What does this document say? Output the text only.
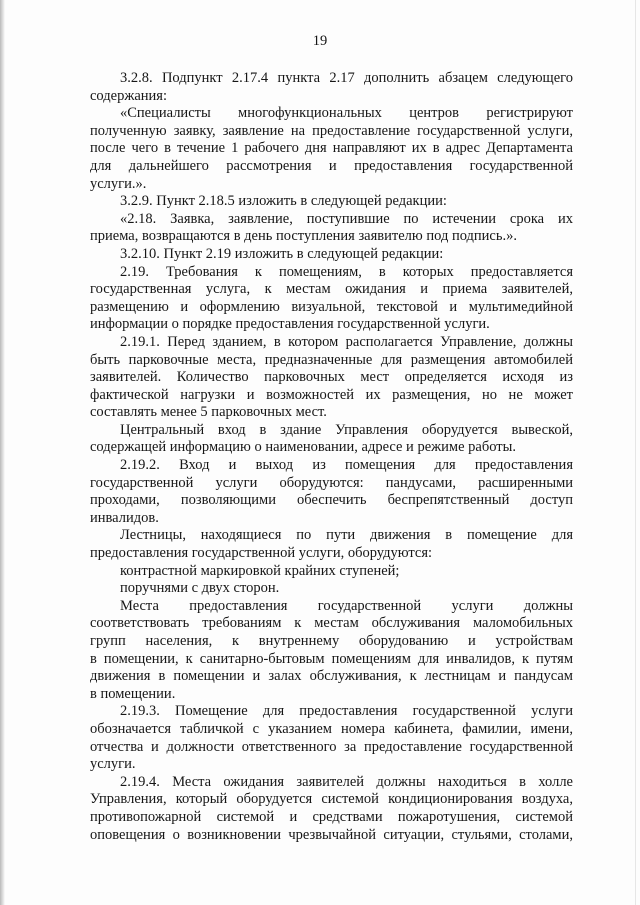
19
3.2.8. Подпункт 2.17.4 пункта 2.17 дополнить абзацем следующего
содержания:
«Специалисты многофункциональных центров регистрируют
полученную заявку, заявление на предоставление государственной услуги,
после чего в течение 1 рабочего дня направляют их в адрес Департамента
для дальнейшего рассмотрения и предоставления государственной
услуги.».
3.2.9. Пункт 2.18.5 изложить в следующей редакции:
«2.18. Заявка, заявление, поступившие по истечении срока их
приема, возвращаются в день поступления заявителю под подпись.».
3.2.10. Пункт 2.19 изложить в следующей редакции:
2.19. Требования к помещениям, в которых предоставляется
государственная услуга, к местам ожидания и приема заявителей,
размещению и оформлению визуальной, текстовой и мультимедийной
информации о порядке предоставления государственной услуги.
2.19.1. Перед зданием, в котором располагается Управление, должны
быть парковочные места, предназначенные для размещения автомобилей
заявителей. Количество парковочных мест определяется исходя из
фактической нагрузки и возможностей их размещения, но не может
составлять менее 5 парковочных мест.
Центральный вход в здание Управления оборудуется вывеской,
содержащей информацию о наименовании, адресе и режиме работы.
2.19.2. Вход и выход из помещения для предоставления
государственной услуги оборудуются: пандусами, расширенными
проходами, позволяющими обеспечить беспрепятственный доступ
инвалидов.
Лестницы, находящиеся по пути движения в помещение для
предоставления государственной услуги, оборудуются:
контрастной маркировкой крайних ступеней;
поручнями с двух сторон.
Места предоставления государственной услуги должны
соответствовать требованиям к местам обслуживания маломобильных
групп населения, к внутреннему оборудованию и устройствам
в помещении, к санитарно-бытовым помещениям для инвалидов, к путям
движения в помещении и залах обслуживания, к лестницам и пандусам
в помещении.
2.19.3. Помещение для предоставления государственной услуги
обозначается табличкой с указанием номера кабинета, фамилии, имени,
отчества и должности ответственного за предоставление государственной
услуги.
2.19.4. Места ожидания заявителей должны находиться в холле
Управления, который оборудуется системой кондиционирования воздуха,
противопожарной системой и средствами пожаротушения, системой
оповещения о возникновении чрезвычайной ситуации, стульями, столами,
